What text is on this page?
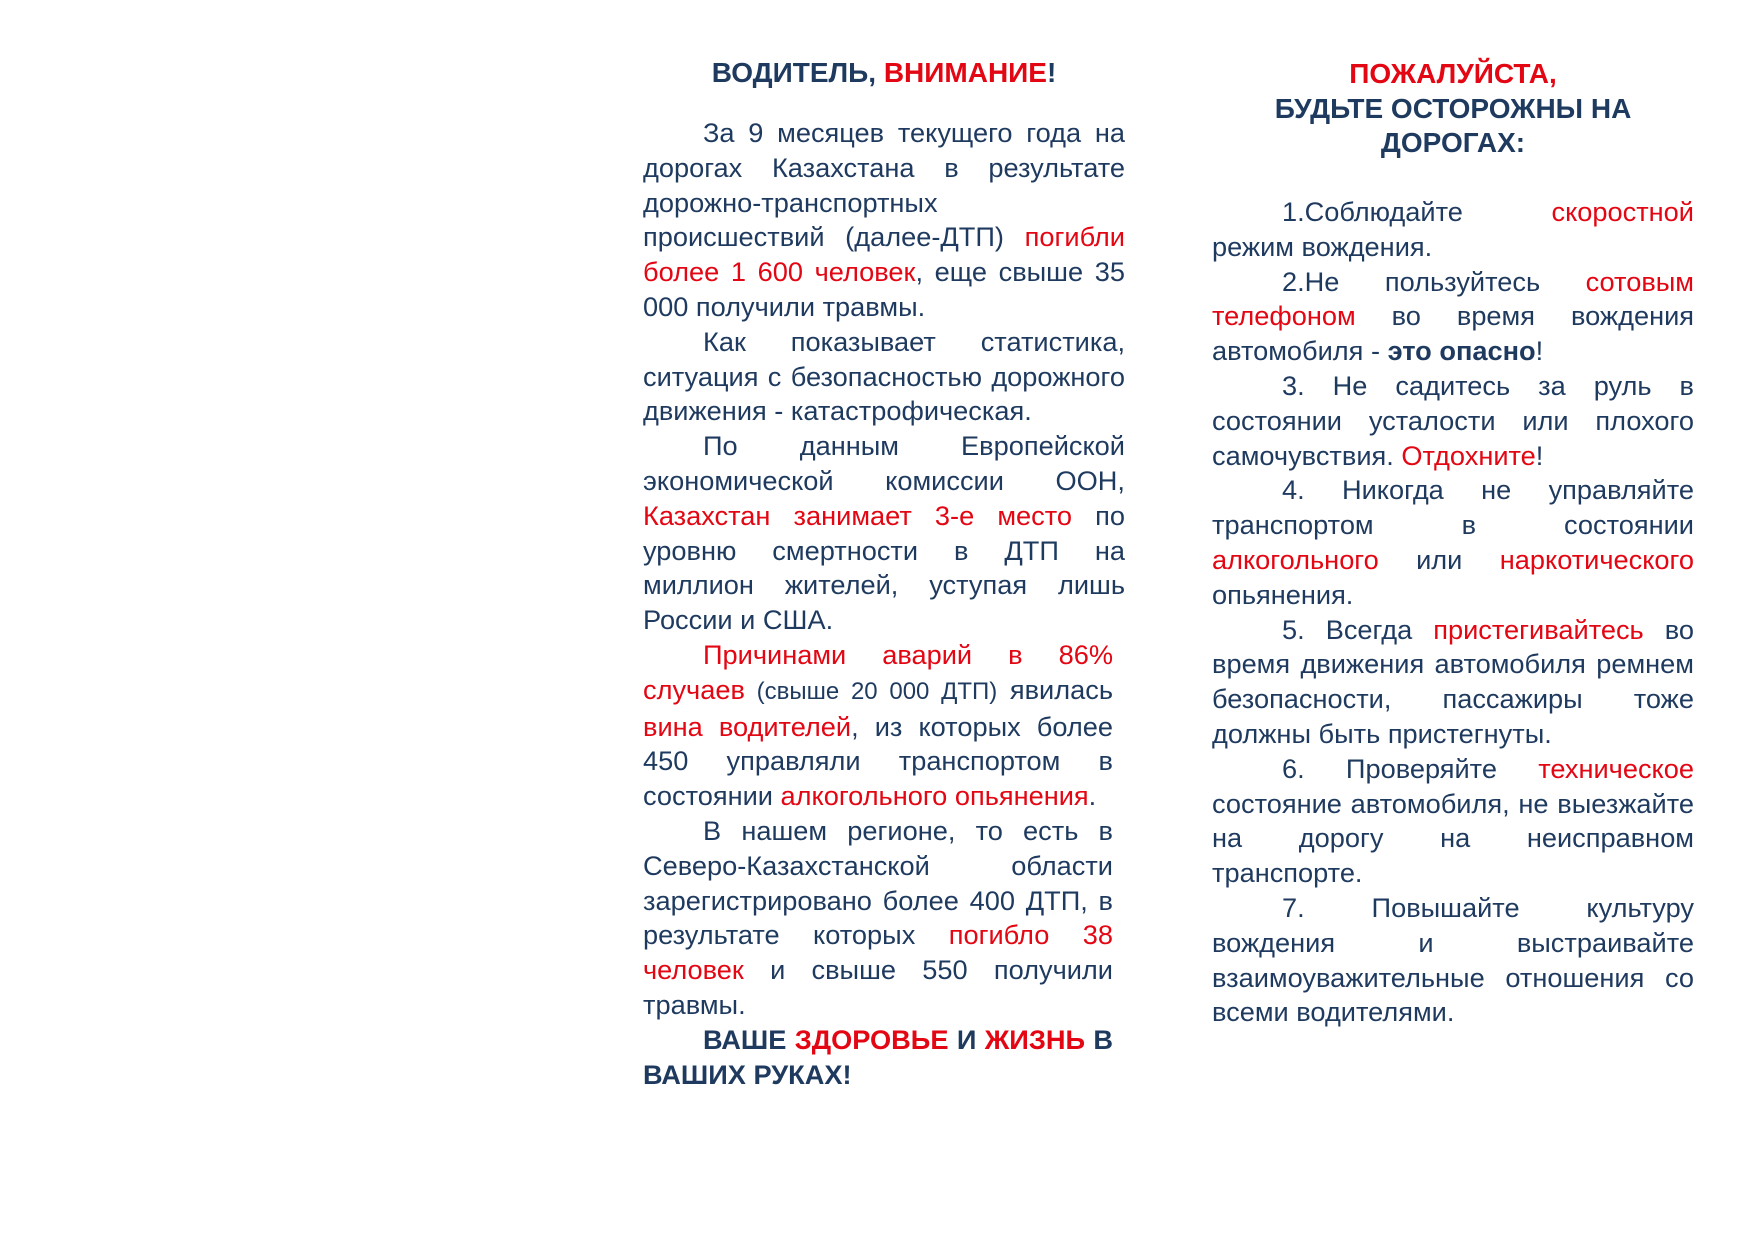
ВОДИТЕЛЬ, ВНИМАНИЕ!

За 9 месяцев текущего года на дорогах Казахстана в результате дорожно-транспортных происшествий (далее-ДТП) погибли более 1 600 человек, еще свыше 35 000 получили травмы.

Как показывает статистика, ситуация с безопасностью дорожного движения - катастрофическая.

По данным Европейской экономической комиссии ООН, Казахстан занимает 3-е место по уровню смертности в ДТП на миллион жителей, уступая лишь России и США.

Причинами аварий в 86% случаев (свыше 20 000 ДТП) явилась вина водителей, из которых более 450 управляли транспортом в состоянии алкогольного опьянения.

В нашем регионе, то есть в Северо-Казахстанской области зарегистрировано более 400 ДТП, в результате которых погибло 38 человек и свыше 550 получили травмы.

ВАШЕ ЗДОРОВЬЕ И ЖИЗНЬ В ВАШИХ РУКАХ!

ПОЖАЛУЙСТА,
БУДЬТЕ ОСТОРОЖНЫ НА
ДОРОГАХ:

1.Соблюдайте скоростной режим вождения.

2.Не пользуйтесь сотовым телефоном во время вождения автомобиля - это опасно!

3. Не садитесь за руль в состоянии усталости или плохого самочувствия. Отдохните!

4. Никогда не управляйте транспортом в состоянии алкогольного или наркотического опьянения.

5. Всегда пристегивайтесь во время движения автомобиля ремнем безопасности, пассажиры тоже должны быть пристегнуты.

6. Проверяйте техническое состояние автомобиля, не выезжайте на дорогу на неисправном транспорте.

7. Повышайте культуру вождения и выстраивайте взаимоуважительные отношения со всеми водителями.
